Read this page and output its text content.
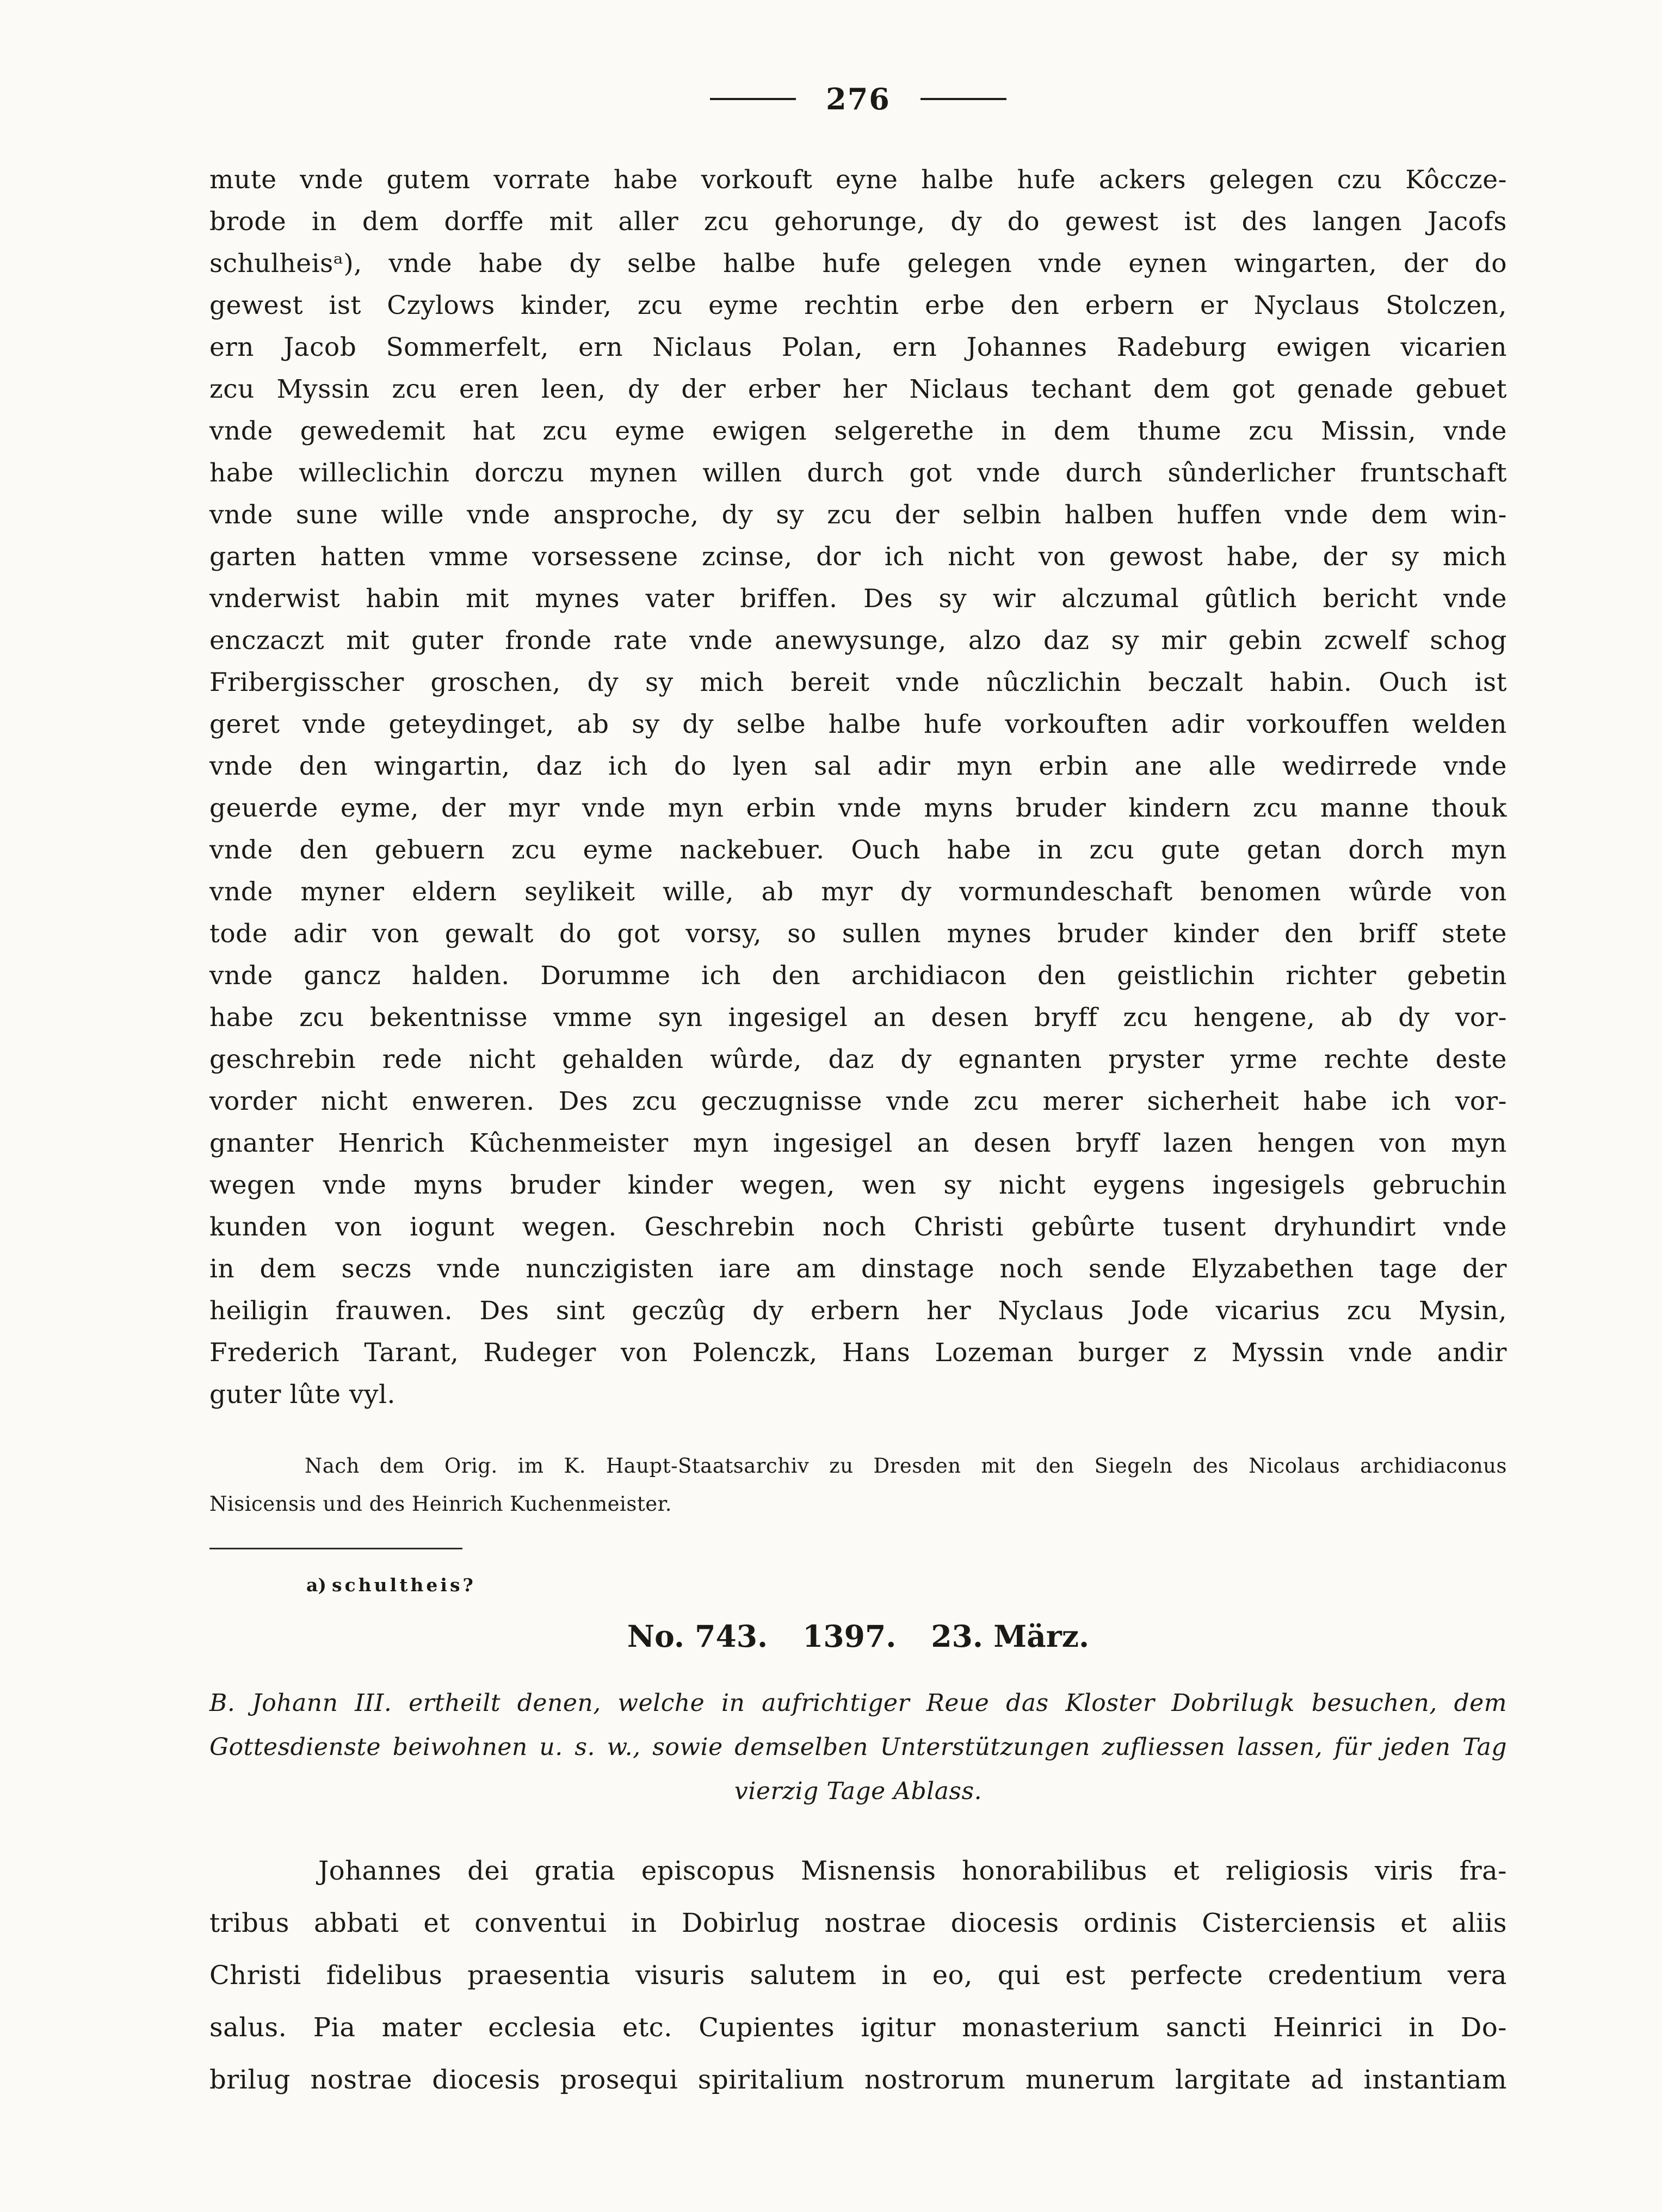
276
mute vnde gutem vorrate habe vorkouft eyne halbe hufe ackers gelegen czu Kôccze-
brode in dem dorffe mit aller zcu gehorunge, dy do gewest ist des langen Jacofs
schulheisᵃ), vnde habe dy selbe halbe hufe gelegen vnde eynen wingarten, der do
gewest ist Czylows kinder, zcu eyme rechtin erbe den erbern er Nyclaus Stolczen,
ern Jacob Sommerfelt, ern Niclaus Polan, ern Johannes Radeburg ewigen vicarien
zcu Myssin zcu eren leen, dy der erber her Niclaus techant dem got genade gebuet
vnde gewedemit hat zcu eyme ewigen selgerethe in dem thume zcu Missin, vnde
habe willeclichin dorczu mynen willen durch got vnde durch sûnderlicher fruntschaft
vnde sune wille vnde ansproche, dy sy zcu der selbin halben huffen vnde dem win-
garten hatten vmme vorsessene zcinse, dor ich nicht von gewost habe, der sy mich
vnderwist habin mit mynes vater briffen. Des sy wir alczumal gûtlich bericht vnde
enczaczt mit guter fronde rate vnde anewysunge, alzo daz sy mir gebin zcwelf schog
Fribergisscher groschen, dy sy mich bereit vnde nûczlichin beczalt habin. Ouch ist
geret vnde geteydinget, ab sy dy selbe halbe hufe vorkouften adir vorkouffen welden
vnde den wingartin, daz ich do lyen sal adir myn erbin ane alle wedirrede vnde
geuerde eyme, der myr vnde myn erbin vnde myns bruder kindern zcu manne thouk
vnde den gebuern zcu eyme nackebuer. Ouch habe in zcu gute getan dorch myn
vnde myner eldern seylikeit wille, ab myr dy vormundeschaft benomen wûrde von
tode adir von gewalt do got vorsy, so sullen mynes bruder kinder den briff stete
vnde gancz halden. Dorumme ich den archidiacon den geistlichin richter gebetin
habe zcu bekentnisse vmme syn ingesigel an desen bryff zcu hengene, ab dy vor-
geschrebin rede nicht gehalden wûrde, daz dy egnanten pryster yrme rechte deste
vorder nicht enweren. Des zcu geczugnisse vnde zcu merer sicherheit habe ich vor-
gnanter Henrich Kûchenmeister myn ingesigel an desen bryff lazen hengen von myn
wegen vnde myns bruder kinder wegen, wen sy nicht eygens ingesigels gebruchin
kunden von iogunt wegen. Geschrebin noch Christi gebûrte tusent dryhundirt vnde
in dem seczs vnde nunczigisten iare am dinstage noch sende Elyzabethen tage der
heiligin frauwen. Des sint geczûg dy erbern her Nyclaus Jode vicarius zcu Mysin,
Frederich Tarant, Rudeger von Polenczk, Hans Lozeman burger z Myssin vnde andir
guter lûte vyl.
Nach dem Orig. im K. Haupt-Staatsarchiv zu Dresden mit den Siegeln des Nicolaus archidiaconus
Nisicensis und des Heinrich Kuchenmeister.
a) schultheis?
No. 743. 1397. 23. März.
B. Johann III. ertheilt denen, welche in aufrichtiger Reue das Kloster Dobrilugk besuchen, dem
Gottesdienste beiwohnen u. s. w., sowie demselben Unterstützungen zufliessen lassen, für jeden Tag
vierzig Tage Ablass.
Johannes dei gratia episcopus Misnensis honorabilibus et religiosis viris fra-
tribus abbati et conventui in Dobirlug nostrae diocesis ordinis Cisterciensis et aliis
Christi fidelibus praesentia visuris salutem in eo, qui est perfecte credentium vera
salus. Pia mater ecclesia etc. Cupientes igitur monasterium sancti Heinrici in Do-
brilug nostrae diocesis prosequi spiritalium nostrorum munerum largitate ad instantiam
